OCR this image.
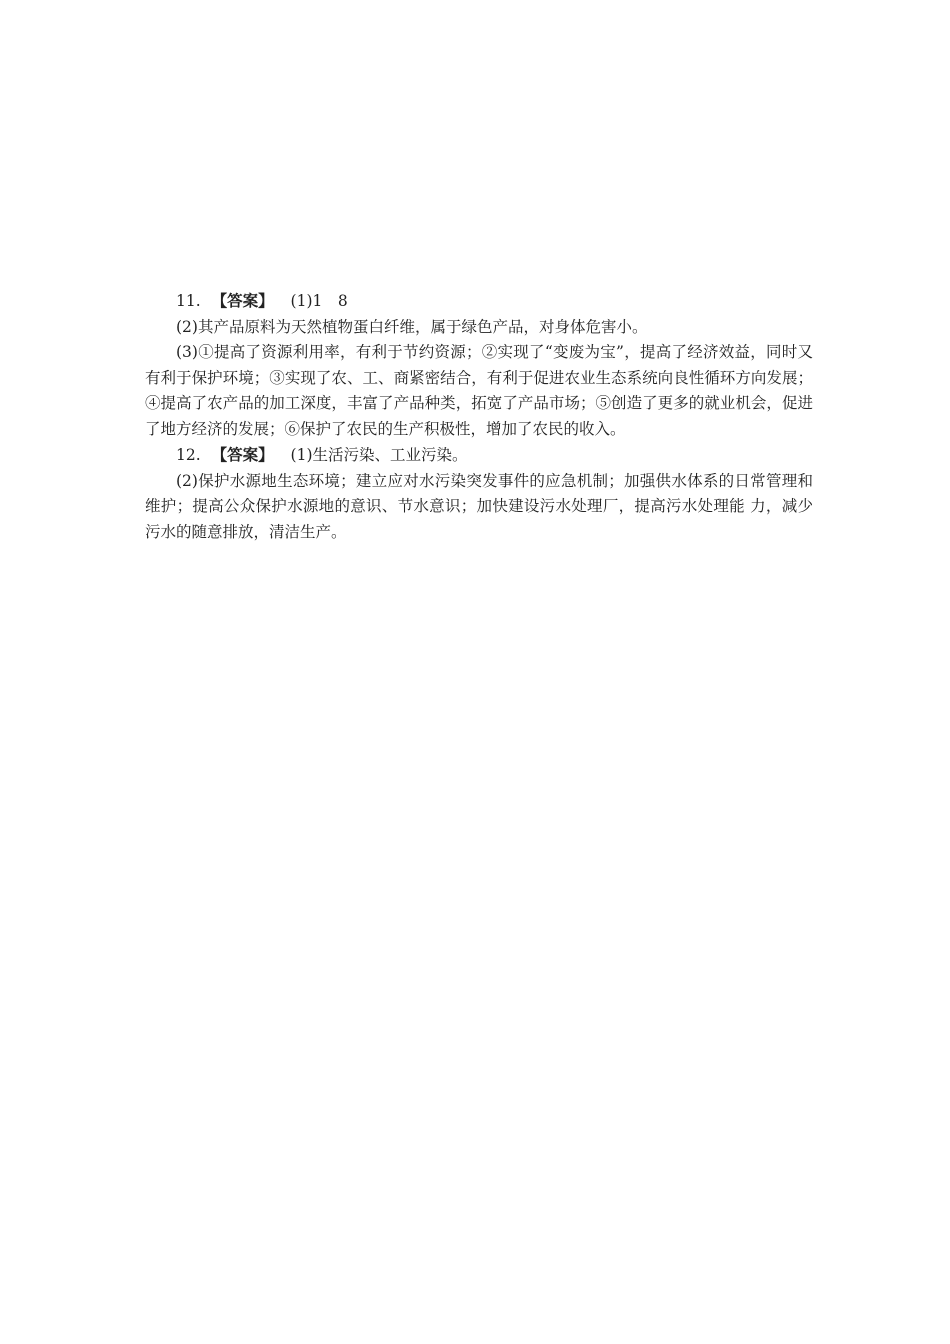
11. 【答案】 (1)1　8

(2)其产品原料为天然植物蛋白纤维，属于绿色产品，对身体危害小。

(3)①提高了资源利用率，有利于节约资源；②实现了“变废为宝”，提高了经济效益，同时又有利于保护环境；③实现了农、工、商紧密结合，有利于促进农业生态系统向良性循环方向发展；④提高了农产品的加工深度，丰富了产品种类，拓宽了产品市场；⑤创造了更多的就业机会，促进了地方经济的发展；⑥保护了农民的生产积极性，增加了农民的收入。

12. 【答案】 (1)生活污染、工业污染。

(2)保护水源地生态环境；建立应对水污染突发事件的应急机制；加强供水体系的日常管理和维护；提高公众保护水源地的意识、节水意识；加快建设污水处理厂，提高污水处理能 力，减少污水的随意排放，清洁生产。
